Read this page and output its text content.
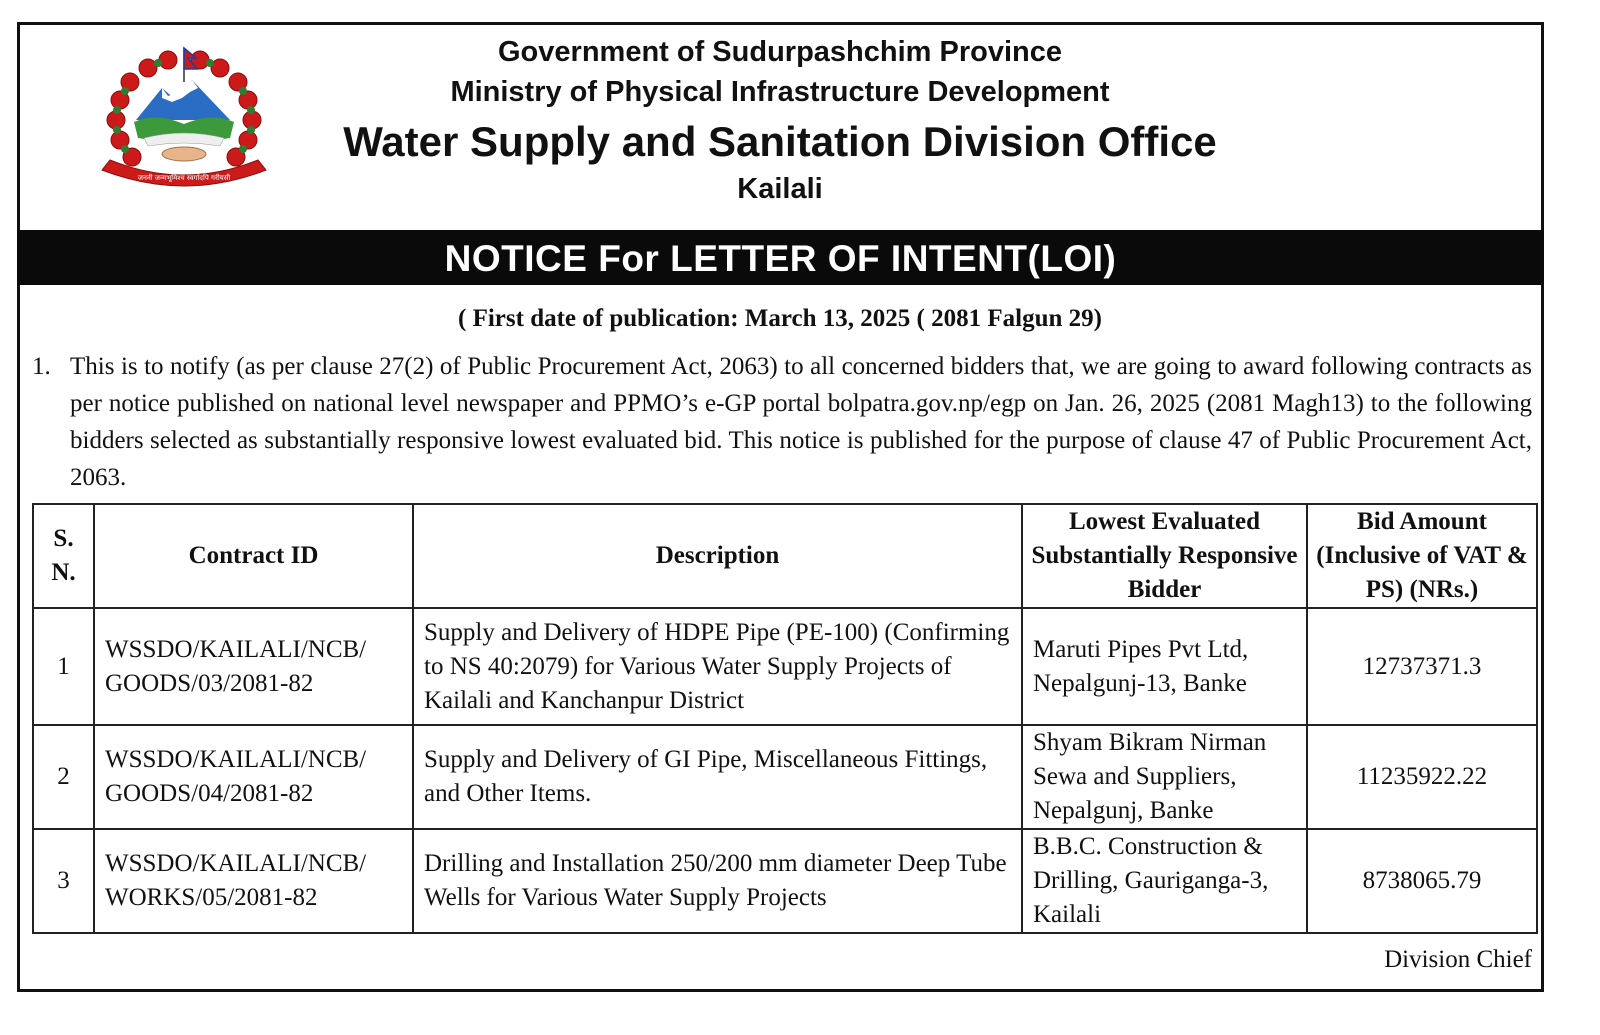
जननी जन्मभूमिश्च स्वर्गादपि गरीयसी
Government of Sudurpashchim Province
Ministry of Physical Infrastructure Development
Water Supply and Sanitation Division Office
Kailali
NOTICE For LETTER OF INTENT(LOI)
( First date of publication: March 13, 2025 ( 2081 Falgun 29)
1. This is to notify (as per clause 27(2) of Public Procurement Act, 2063) to all concerned bidders that, we are going to award following contracts as per notice published on national level newspaper and PPMO’s e-GP portal bolpatra.gov.np/egp on Jan. 26, 2025 (2081 Magh13) to the following bidders selected as substantially responsive lowest evaluated bid. This notice is published for the purpose of clause 47 of Public Procurement Act, 2063.
S. N.	Contract ID	Description	Lowest Evaluated Substantially Responsive Bidder	Bid Amount (Inclusive of VAT & PS) (NRs.)
1	WSSDO/KAILALI/NCB/ GOODS/03/2081-82	Supply and Delivery of HDPE Pipe (PE-100) (Confirming to NS 40:2079) for Various Water Supply Projects of Kailali and Kanchanpur District	Maruti Pipes Pvt Ltd, Nepalgunj-13, Banke	12737371.3
2	WSSDO/KAILALI/NCB/ GOODS/04/2081-82	Supply and Delivery of GI Pipe, Miscellaneous Fittings, and Other Items.	Shyam Bikram Nirman Sewa and Suppliers, Nepalgunj, Banke	11235922.22
3	WSSDO/KAILALI/NCB/ WORKS/05/2081-82	Drilling and Installation 250/200 mm diameter Deep Tube Wells for Various Water Supply Projects	B.B.C. Construction & Drilling, Gauriganga-3, Kailali	8738065.79
Division Chief
